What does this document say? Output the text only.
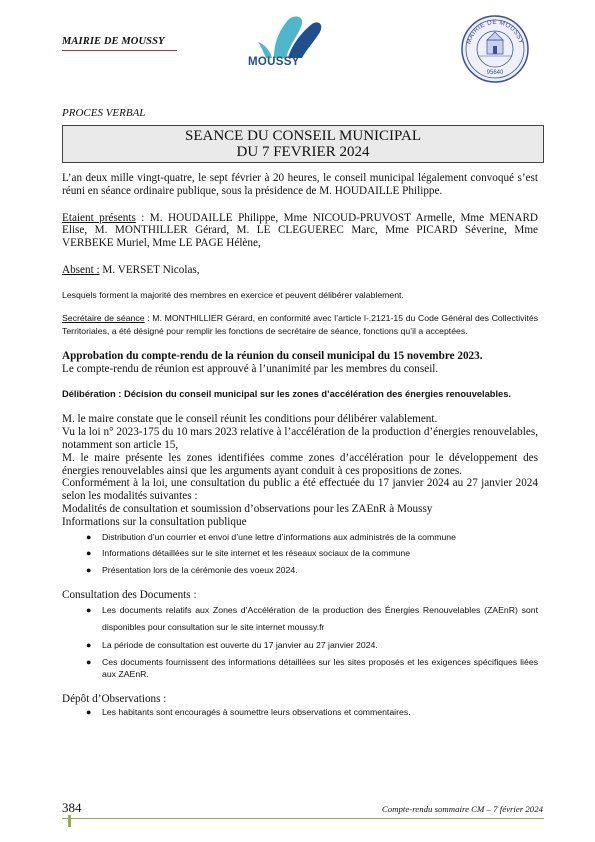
MAIRIE DE MOUSSY
MOUSSY
MAIRIE DE MOUSSY
95640
PROCES VERBAL
SEANCE DU CONSEIL MUNICIPAL
DU 7 FEVRIER 2024

L’an deux mille vingt-quatre, le sept février à 20 heures, le conseil municipal légalement convoqué s’est réuni en séance ordinaire publique, sous la présidence de M. HOUDAILLE Philippe.

Etaient présents : M. HOUDAILLE Philippe, Mme NICOUD-PRUVOST Armelle, Mme MENARD Elise, M. MONTHILLER Gérard, M. LE CLEGUEREC Marc, Mme PICARD Séverine, Mme VERBEKE Muriel, Mme LE PAGE Hélène,

Absent : M. VERSET Nicolas,

Lesquels forment la majorité des membres en exercice et peuvent délibérer valablement.

Secrétaire de séance : M. MONTHILLIER Gérard, en conformité avec l’article l-.2121-15 du Code Général des Collectivités Territoriales, a été désigné pour remplir les fonctions de secrétaire de séance, fonctions qu’il a acceptées.

Approbation du compte-rendu de la réunion du conseil municipal du 15 novembre 2023.

Le compte-rendu de réunion est approuvé à l’unanimité par les membres du conseil.

Délibération : Décision du conseil municipal sur les zones d’accélération des énergies renouvelables.

M. le maire constate que le conseil réunit les conditions pour délibérer valablement.

Vu la loi n° 2023-175 du 10 mars 2023 relative à l’accélération de la production d’énergies renouvelables, notamment son article 15,

M. le maire présente les zones identifiées comme zones d’accélération pour le développement des énergies renouvelables ainsi que les arguments ayant conduit à ces propositions de zones.

Conformément à la loi, une consultation du public a été effectuée du 17 janvier 2024 au 27 janvier 2024 selon les modalités suivantes :

Modalités de consultation et soumission d’observations pour les ZAEnR à Moussy

Informations sur la consultation publique

● Distribution d’un courrier et envoi d’une lettre d’informations aux administrés de la commune
● Informations détaillées sur le site internet et les réseaux sociaux de la commune
● Présentation lors de la cérémonie des voeux 2024.

Consultation des Documents :

● Les documents relatifs aux Zones d’Accélération de la production des Énergies Renouvelables (ZAEnR) sont disponibles pour consultation sur le site internet moussy.fr
● La période de consultation est ouverte du 17 janvier au 27 janvier 2024.
● Ces documents fournissent des informations détaillées sur les sites proposés et les exigences spécifiques liées aux ZAEnR.

Dépôt d’Observations :

● Les habitants sont encouragés à soumettre leurs observations et commentaires.
384	Compte-rendu sommaire CM – 7 février 2024
